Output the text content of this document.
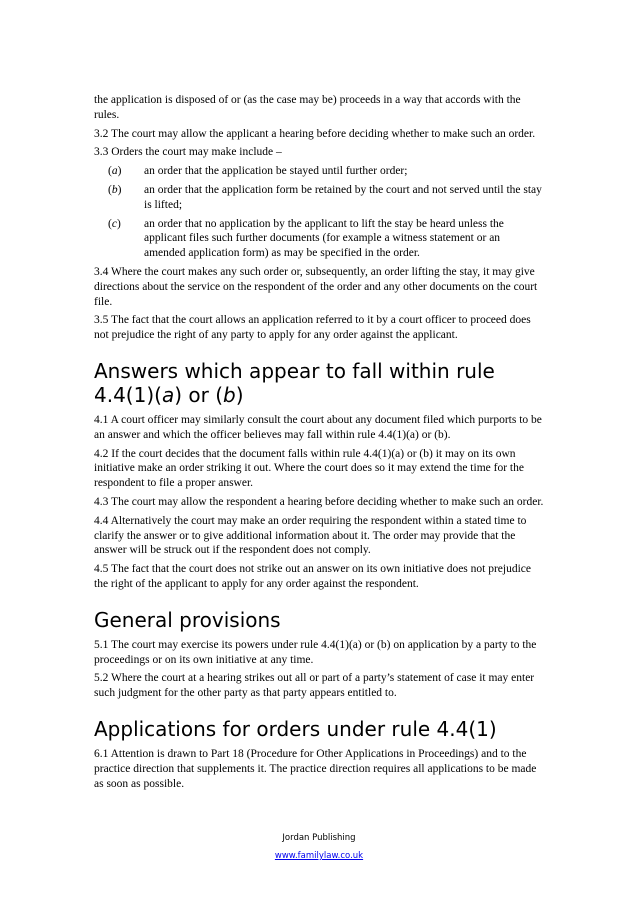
the application is disposed of or (as the case may be) proceeds in a way that accords with the rules.

3.2 The court may allow the applicant a hearing before deciding whether to make such an order.

3.3 Orders the court may make include –

(a)	an order that the application be stayed until further order;
(b)	an order that the application form be retained by the court and not served until the stay is lifted;
(c)	an order that no application by the applicant to lift the stay be heard unless the applicant files such further documents (for example a witness statement or an amended application form) as may be specified in the order.

3.4 Where the court makes any such order or, subsequently, an order lifting the stay, it may give directions about the service on the respondent of the order and any other documents on the court file.

3.5 The fact that the court allows an application referred to it by a court officer to proceed does not prejudice the right of any party to apply for any order against the applicant.

Answers which appear to fall within rule 4.4(1)(a) or (b)

4.1 A court officer may similarly consult the court about any document filed which purports to be an answer and which the officer believes may fall within rule 4.4(1)(a) or (b).

4.2 If the court decides that the document falls within rule 4.4(1)(a) or (b) it may on its own initiative make an order striking it out. Where the court does so it may extend the time for the respondent to file a proper answer.

4.3 The court may allow the respondent a hearing before deciding whether to make such an order.

4.4 Alternatively the court may make an order requiring the respondent within a stated time to clarify the answer or to give additional information about it. The order may provide that the answer will be struck out if the respondent does not comply.

4.5 The fact that the court does not strike out an answer on its own initiative does not prejudice the right of the applicant to apply for any order against the respondent.

General provisions

5.1 The court may exercise its powers under rule 4.4(1)(a) or (b) on application by a party to the proceedings or on its own initiative at any time.

5.2 Where the court at a hearing strikes out all or part of a party’s statement of case it may enter such judgment for the other party as that party appears entitled to.

Applications for orders under rule 4.4(1)

6.1 Attention is drawn to Part 18 (Procedure for Other Applications in Proceedings) and to the practice direction that supplements it. The practice direction requires all applications to be made as soon as possible.

Jordan Publishing
www.familylaw.co.uk
